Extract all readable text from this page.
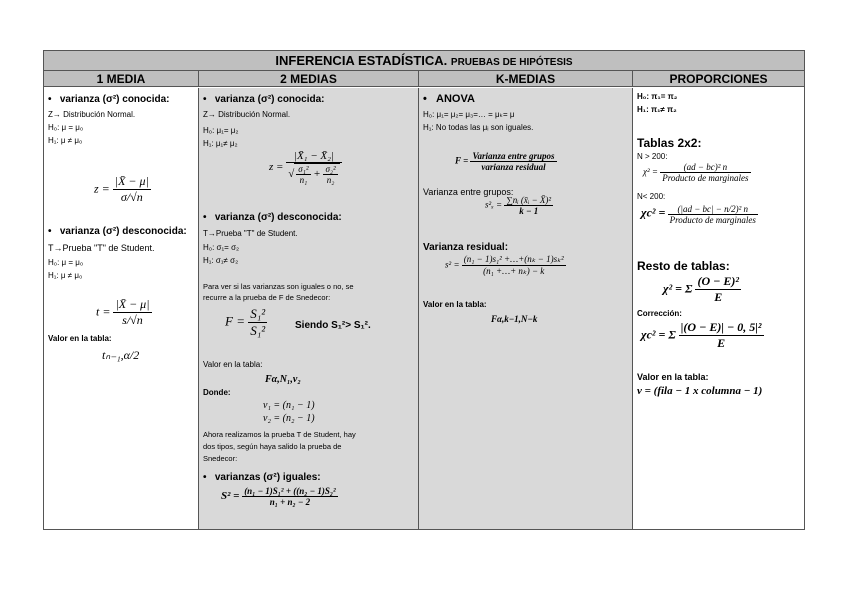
INFERENCIA ESTADÍSTICA. PRUEBAS DE HIPÓTESIS
1 MEDIA	2 MEDIAS	K-MEDIAS	PROPORCIONES
•   varianza (σ²) conocida:
Z→ Distribución Normal.
H₀: μ = μ₀
H₁: μ ≠ μ₀
$z = \frac{|X̄ - \mu|}{\sigma/√n}$
•   varianza (σ²) desconocida:
T→Prueba "T" de Student.
H₀: μ = μ₀
H₁: μ ≠ μ₀
$t = \frac{|X̄ - \mu|}{s/√n}$
Valor en la tabla:
tₙ₋₁,α/2
•   varianza (σ²) conocida:
Z→ Distribución Normal.
H₀: μ₁= μ₂
H₁: μ₁≠ μ₂
$z = \frac{\text{|X̄₁ − X̄₂|}}{√ \frac{\text{σ₁²}}{\text{n₁}} + \frac{\text{σ₂²}}{\text{n₂}}}$
•   varianza (σ²) desconocida:
T→Prueba "T" de Student.
H₀: σ₁= σ₂
H₁: σ₁≠ σ₂
Para ver si las varianzas son iguales o no, se
recurre a la prueba de F de Snedecor:
$F = \frac{\text{S₁²}}{\text{S₁²}}$	Siendo S₁²> S₁².
Valor en la tabla:
Fα,N₁,v₂
Donde:
v₁ = (n₁ − 1)
v₂ = (n₂ − 1)
Ahora realizamos la prueba T de Student, hay
dos tipos, según haya salido la prueba de
Snedecor:
•   varianzas (σ²) iguales:
$S^2 = \frac{\text{(n₁ − 1)S₁² + ((n₂ − 1)S₂²}}{\text{n₁ + n₂ − 2}}$
•   ANOVA
H₀: μ₁= μ₂= μ₃=… = μₖ= μ
H₁: No todas las μᵢ son iguales.
$F = \frac{\text{Varianza entre grupos}}{\text{varianza residual}}$
Varianza entre grupos:
$s^2_x = \frac{\text{∑nᵢ (x̄ᵢ − X̄)²}}{k - 1}$
Varianza residual:
$s^2 = \frac{\text{(n₁ − 1)s₁² +…+(nₖ − 1)sₖ²}}{\text{(n₁ +…+ nₖ) − k}}$
Valor en la tabla:
Fα,k−1,N−k
H₀: π₁= π₂
H₁: π₁≠ π₂
Tablas 2x2:
N > 200:
$\chi^2 = \frac{\text{(ad − bc)² n}}{\text{Producto de marginales}}$
N< 200:
$\chi c^2 = \frac{\text{(|ad − bc| − n/2)² n}}{\text{Producto de marginales}}$
Resto de tablas:
χ² = Σ $\frac{\text{(O − E)²}}{E}$
Corrección:
χc² = Σ $\frac{\text{|(O − E)| − 0, 5|²}}{E}$
Valor en la tabla:
v = (fila − 1 x columna − 1)
